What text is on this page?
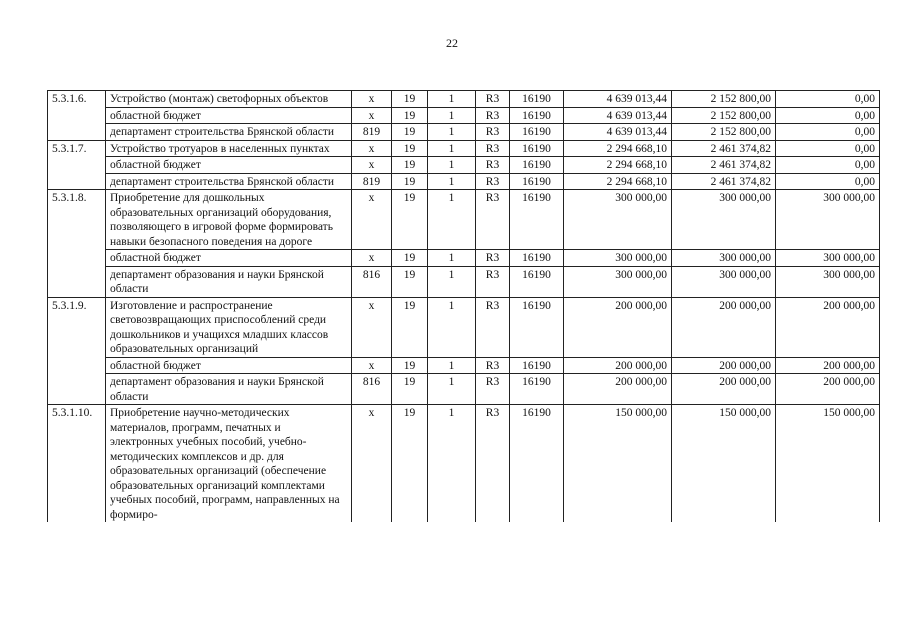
22
5.3.1.6.	Устройство (монтаж) светофорных объектов	х	19	1	R3	16190	4 639 013,44	2 152 800,00	0,00
	областной бюджет	х	19	1	R3	16190	4 639 013,44	2 152 800,00	0,00
	департамент строительства Брянской области	819	19	1	R3	16190	4 639 013,44	2 152 800,00	0,00
5.3.1.7.	Устройство тротуаров в населенных пунктах	х	19	1	R3	16190	2 294 668,10	2 461 374,82	0,00
	областной бюджет	х	19	1	R3	16190	2 294 668,10	2 461 374,82	0,00
	департамент строительства Брянской области	819	19	1	R3	16190	2 294 668,10	2 461 374,82	0,00
5.3.1.8.	Приобретение для дошкольных образовательных организаций оборудования, позволяющего в игровой форме формировать навыки безопасного поведения на дороге	х	19	1	R3	16190	300 000,00	300 000,00	300 000,00
	областной бюджет	х	19	1	R3	16190	300 000,00	300 000,00	300 000,00
	департамент образования и науки Брянской области	816	19	1	R3	16190	300 000,00	300 000,00	300 000,00
5.3.1.9.	Изготовление и распространение световозвращающих приспособлений среди дошкольников и учащихся младших классов образовательных организаций	х	19	1	R3	16190	200 000,00	200 000,00	200 000,00
	областной бюджет	х	19	1	R3	16190	200 000,00	200 000,00	200 000,00
	департамент образования и науки Брянской области	816	19	1	R3	16190	200 000,00	200 000,00	200 000,00
5.3.1.10.	Приобретение научно-методических материалов, программ, печатных и электронных учебных пособий, учебно-методических комплексов и др. для образовательных организаций (обеспечение образовательных организаций комплектами учебных пособий, программ, направленных на формиро-	х	19	1	R3	16190	150 000,00	150 000,00	150 000,00
